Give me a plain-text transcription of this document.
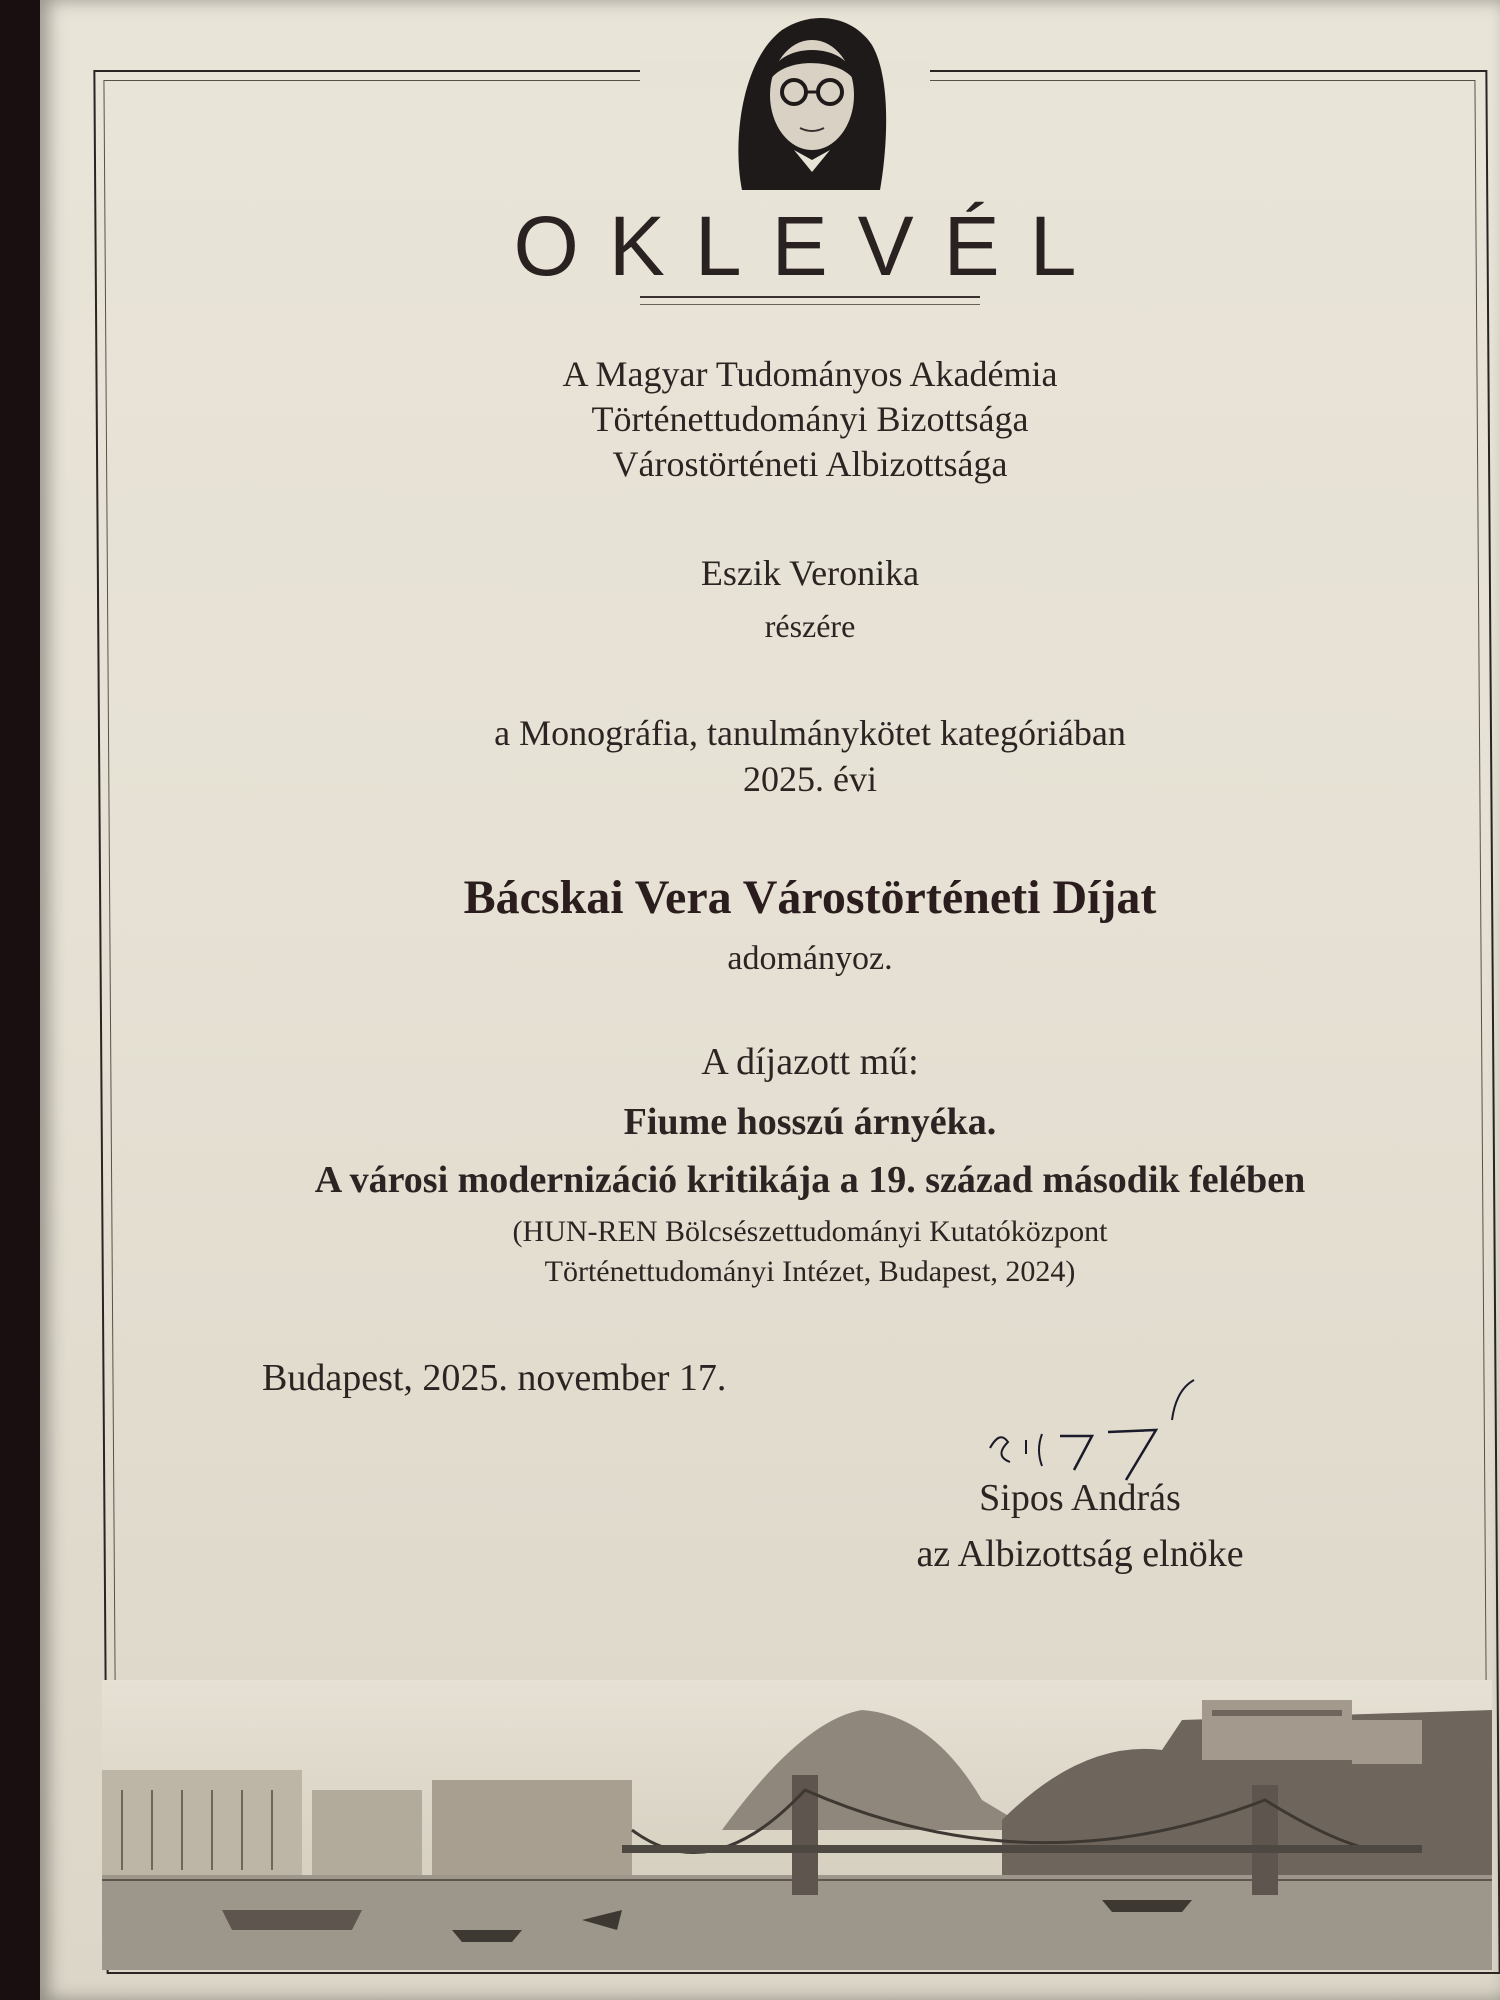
OKLEVÉL
A Magyar Tudományos Akadémia
Történettudományi Bizottsága
Várostörténeti Albizottsága
Eszik Veronika
részére
a Monográfia, tanulmánykötet kategóriában
2025. évi
Bácskai Vera Várostörténeti Díjat
adományoz.
A díjazott mű:
Fiume hosszú árnyéka.
A városi modernizáció kritikája a 19. század második felében
(HUN-REN Bölcsészettudományi Kutatóközpont
Történettudományi Intézet, Budapest, 2024)
Budapest, 2025. november 17.
Sipos András
az Albizottság elnöke
